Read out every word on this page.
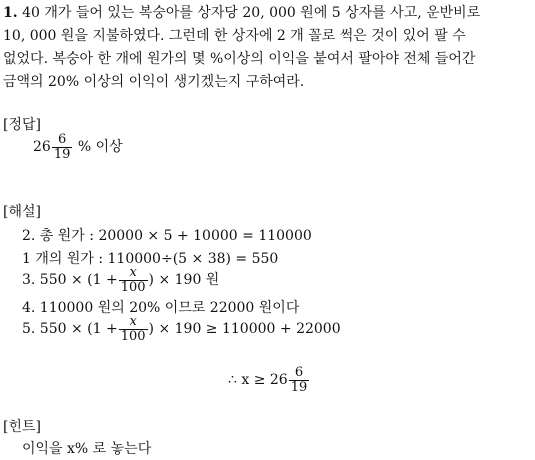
1. 40 개가 들어 있는 복숭아를 상자당 20, 000 원에 5 상자를 사고, 운반비로
10, 000 원을 지불하였다. 그런데 한 상자에 2 개 꼴로 썩은 것이 있어 팔 수
없었다. 복숭아 한 개에 원가의 몇 %이상의 이익을 붙여서 팔아야 전체 들어간
금액의 20% 이상의 이익이 생기겠는지 구하여라.
[정답]
$26 \frac{6}{19}$ % 이상
[해설]
2. 총 원가 : 20000 × 5 + 10000 = 110000
1 개의 원가 : 110000÷(5 × 38) = 550
3. $550 \times (1 + \frac{x}{100}$ ) × 190 원
4. 110000 원의 20% 이므로 22000 원이다
5. $550 \times (1 + \frac{x}{100}$ ) × 190 ≥ 110000 + 22000
∴ $x \ge 26 \frac{6}{19}$
[힌트]
이익을 x% 로 놓는다
